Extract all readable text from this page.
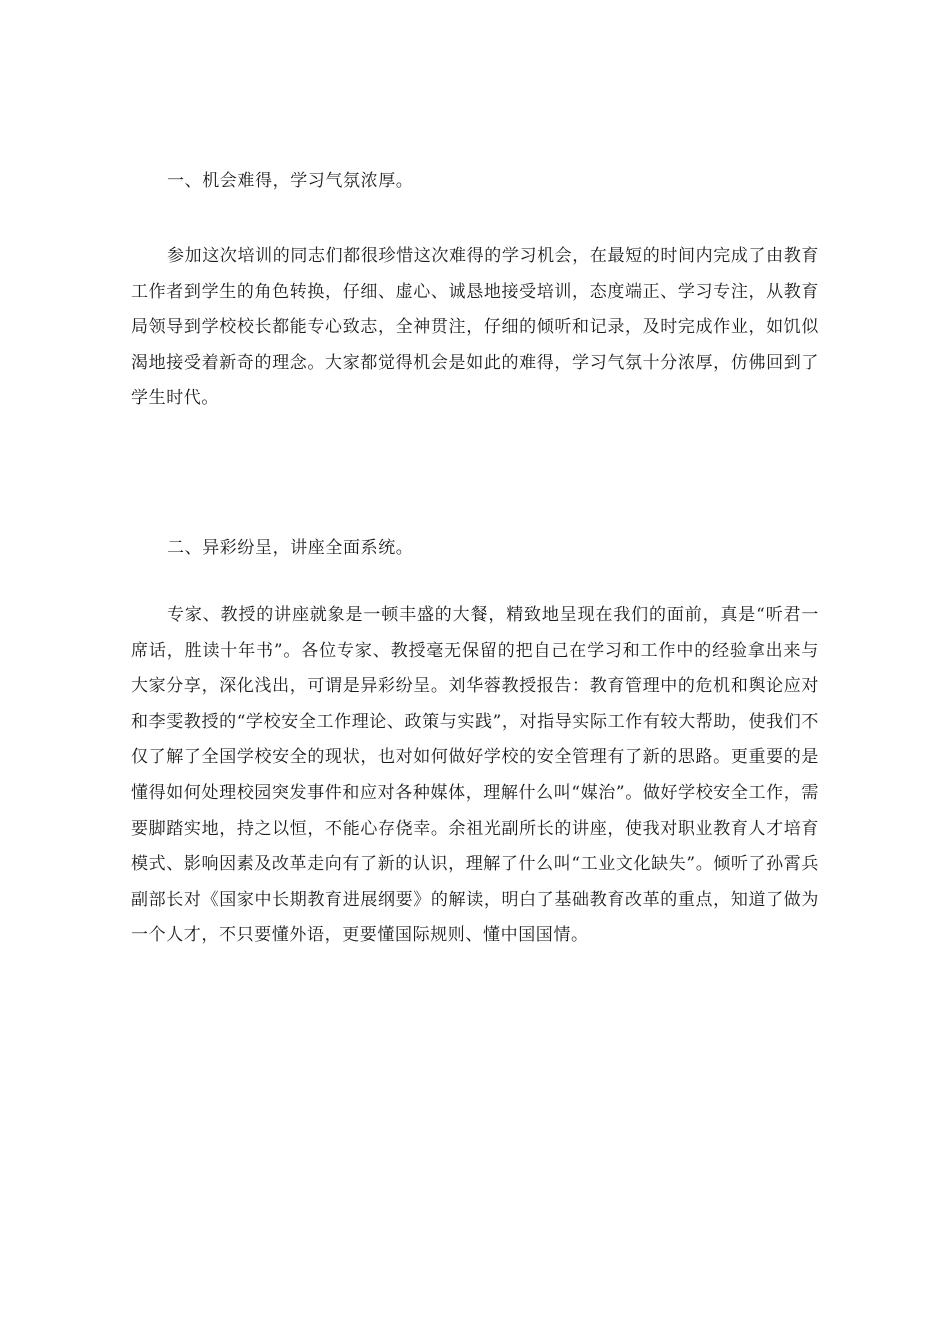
一、机会难得，学习气氛浓厚。

参加这次培训的同志们都很珍惜这次难得的学习机会，在最短的时间内完成了由教育工作者到学生的角色转换，仔细、虚心、诚恳地接受培训，态度端正、学习专注，从教育局领导到学校校长都能专心致志，全神贯注，仔细的倾听和记录，及时完成作业，如饥似渴地接受着新奇的理念。大家都觉得机会是如此的难得，学习气氛十分浓厚，仿佛回到了学生时代。

二、异彩纷呈，讲座全面系统。

专家、教授的讲座就象是一顿丰盛的大餐，精致地呈现在我们的面前，真是“听君一席话，胜读十年书”。各位专家、教授毫无保留的把自己在学习和工作中的经验拿出来与大家分享，深化浅出，可谓是异彩纷呈。刘华蓉教授报告：教育管理中的危机和舆论应对和李雯教授的“学校安全工作理论、政策与实践”，对指导实际工作有较大帮助，使我们不仅了解了全国学校安全的现状，也对如何做好学校的安全管理有了新的思路。更重要的是懂得如何处理校园突发事件和应对各种媒体，理解什么叫“媒治”。做好学校安全工作，需要脚踏实地，持之以恒，不能心存侥幸。余祖光副所长的讲座，使我对职业教育人才培育模式、影响因素及改革走向有了新的认识，理解了什么叫“工业文化缺失”。倾听了孙霄兵副部长对《国家中长期教育进展纲要》的解读，明白了基础教育改革的重点，知道了做为一个人才，不只要懂外语，更要懂国际规则、懂中国国情。
